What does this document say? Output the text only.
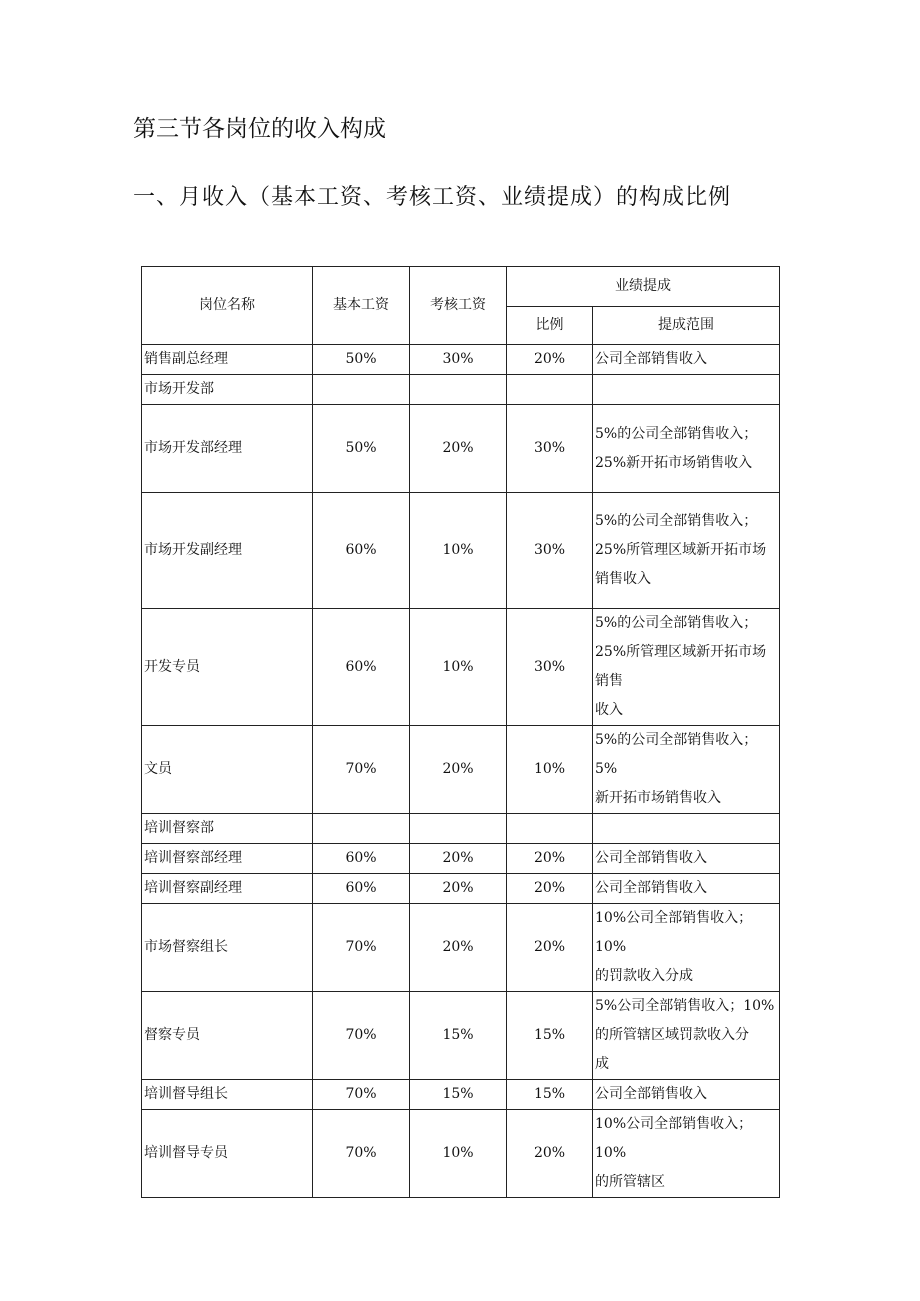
第三节各岗位的收入构成
一、月收入（基本工资、考核工资、业绩提成）的构成比例
岗位名称	基本工资	考核工资	业绩提成	
			比例	提成范围
销售副总经理	50%	30%	20%	公司全部销售收入
市场开发部				
市场开发部经理	50%	20%	30%	5%的公司全部销售收入；
25%新开拓市场销售收入
市场开发副经理	60%	10%	30%	5%的公司全部销售收入；
25%所管理区域新开拓市场
销售收入
开发专员	60%	10%	30%	5%的公司全部销售收入；
25%所管理区域新开拓市场
销售
收入
文员	70%	20%	10%	5%的公司全部销售收入；5%
新开拓市场销售收入
培训督察部				
培训督察部经理	60%	20%	20%	公司全部销售收入
培训督察副经理	60%	20%	20%	公司全部销售收入
市场督察组长	70%	20%	20%	10%公司全部销售收入；10%
的罚款收入分成
督察专员	70%	15%	15%	5%公司全部销售收入；10%
的所管辖区域罚款收入分
成
培训督导组长	70%	15%	15%	公司全部销售收入
培训督导专员	70%	10%	20%	10%公司全部销售收入；10%
的所管辖区
